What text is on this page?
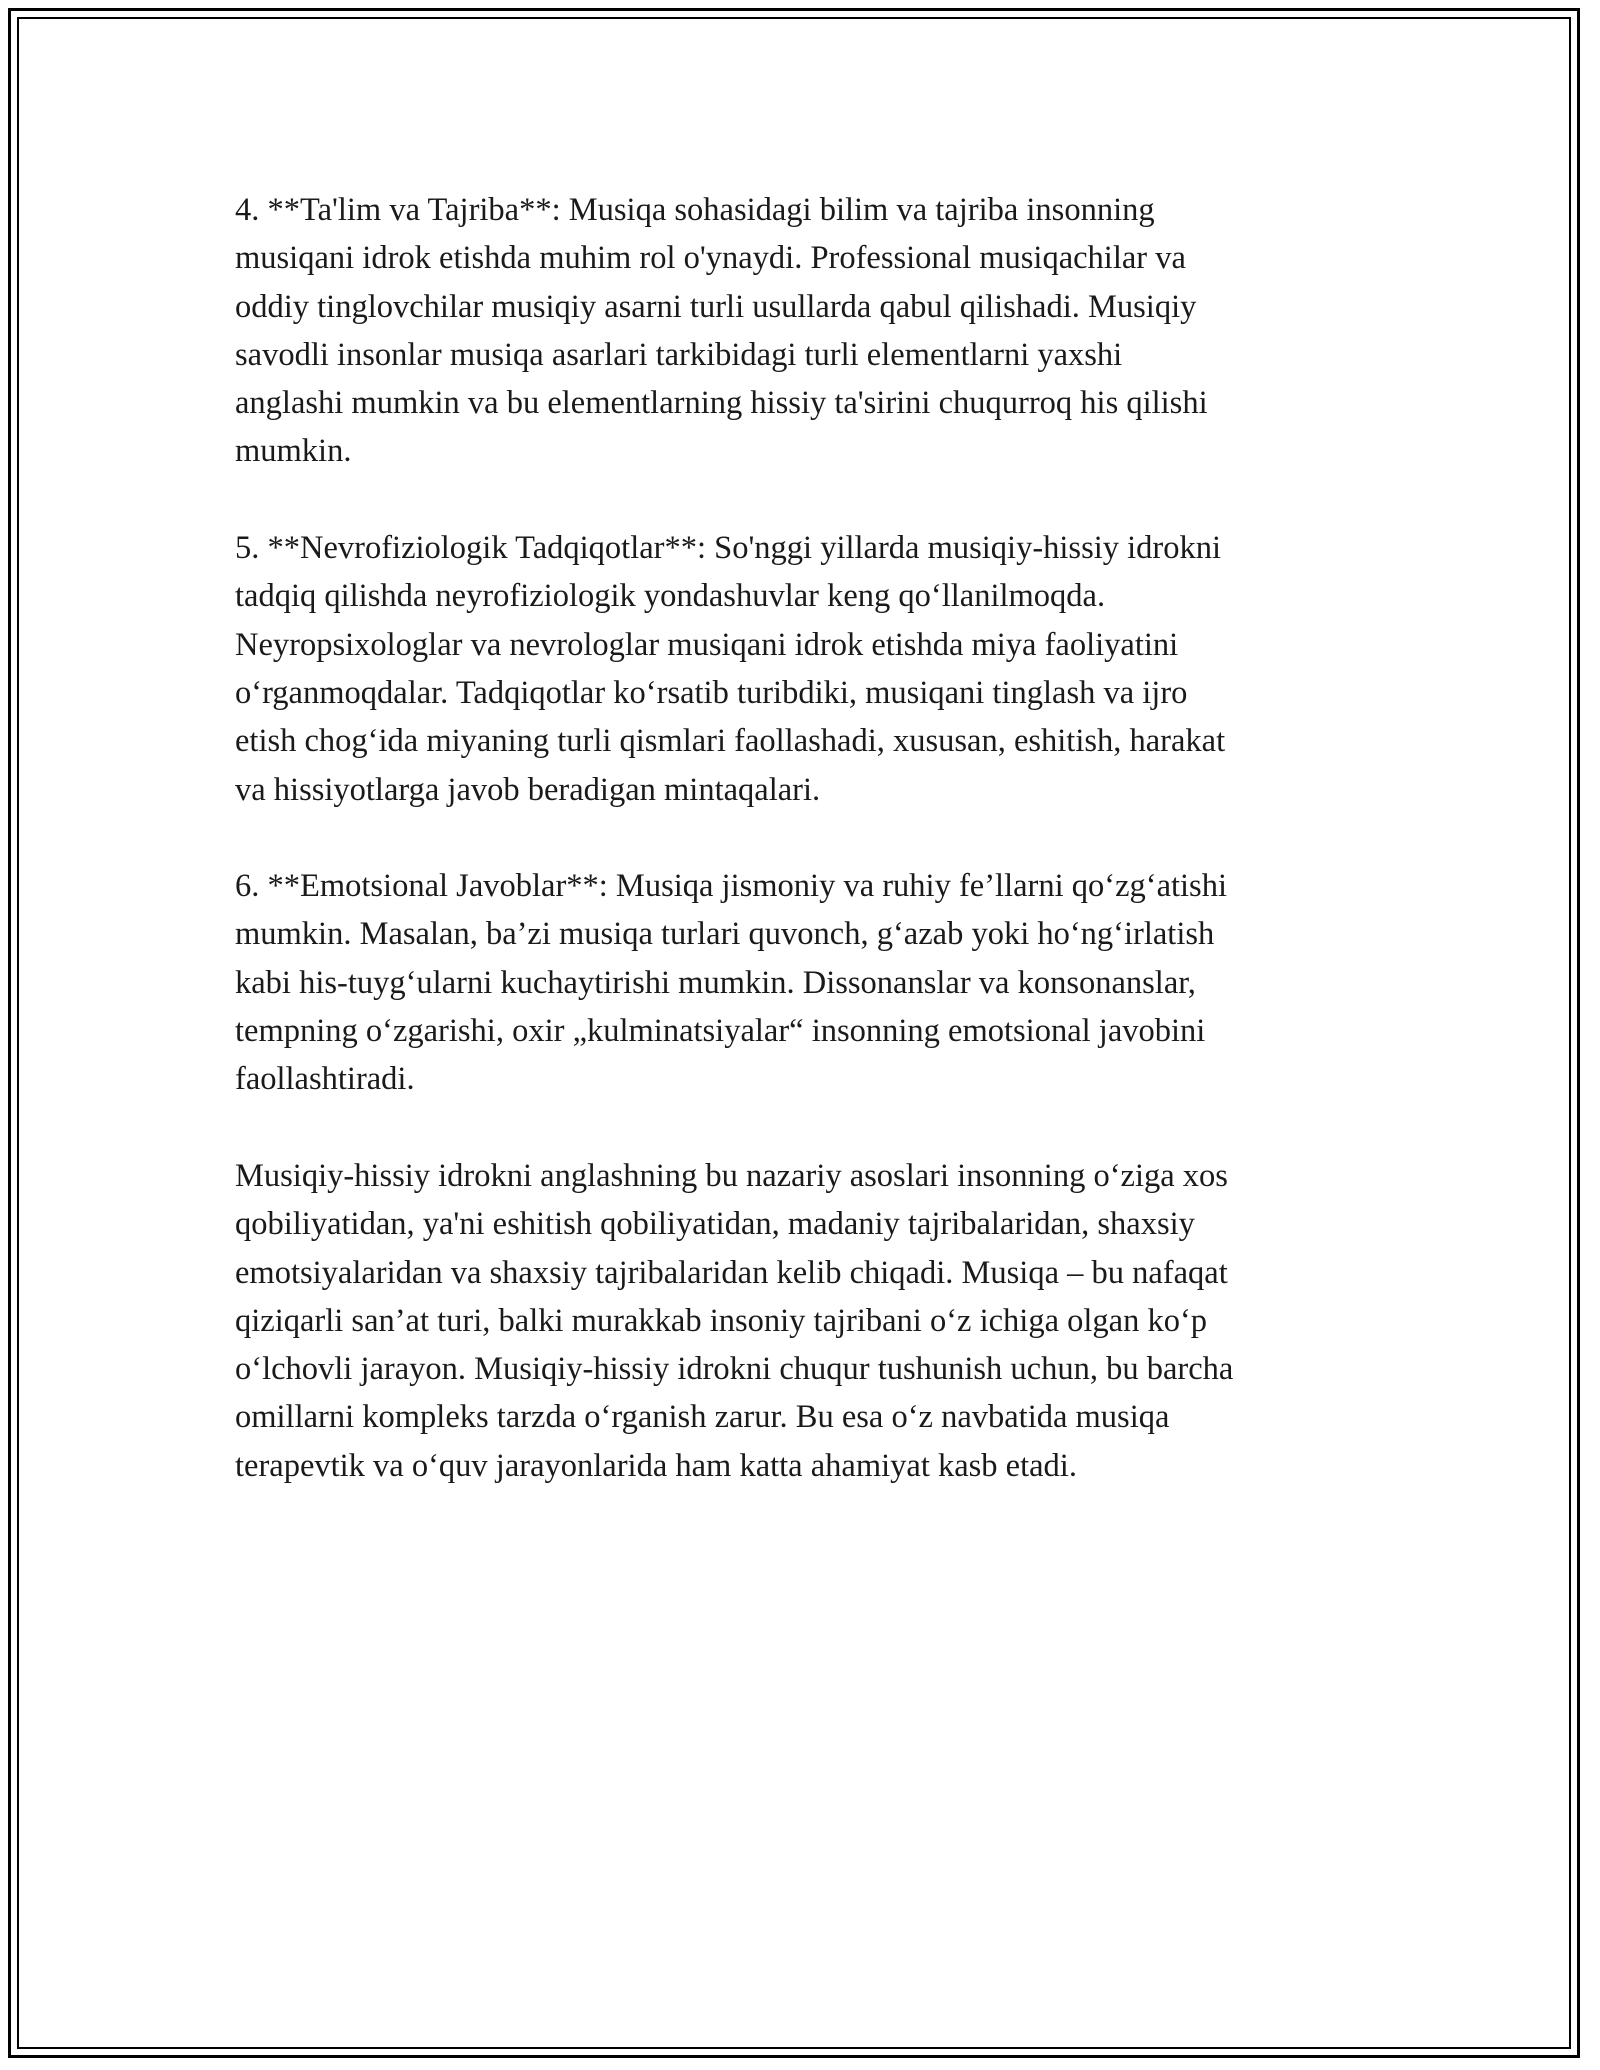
4. **Ta'lim va Tajriba**: Musiqa sohasidagi bilim va tajriba insonning
musiqani idrok etishda muhim rol o'ynaydi. Professional musiqachilar va
oddiy tinglovchilar musiqiy asarni turli usullarda qabul qilishadi. Musiqiy
savodli insonlar musiqa asarlari tarkibidagi turli elementlarni yaxshi
anglashi mumkin va bu elementlarning hissiy ta'sirini chuqurroq his qilishi
mumkin.

5. **Nevrofiziologik Tadqiqotlar**: So'nggi yillarda musiqiy-hissiy idrokni
tadqiq qilishda neyrofiziologik yondashuvlar keng qo‘llanilmoqda.
Neyropsixologlar va nevrologlar musiqani idrok etishda miya faoliyatini
o‘rganmoqdalar. Tadqiqotlar ko‘rsatib turibdiki, musiqani tinglash va ijro
etish chog‘ida miyaning turli qismlari faollashadi, xususan, eshitish, harakat
va hissiyotlarga javob beradigan mintaqalari.

6. **Emotsional Javoblar**: Musiqa jismoniy va ruhiy fe’llarni qo‘zg‘atishi
mumkin. Masalan, ba’zi musiqa turlari quvonch, g‘azab yoki ho‘ng‘irlatish
kabi his-tuyg‘ularni kuchaytirishi mumkin. Dissonanslar va konsonanslar,
tempning o‘zgarishi, oxir „kulminatsiyalar“ insonning emotsional javobini
faollashtiradi.

Musiqiy-hissiy idrokni anglashning bu nazariy asoslari insonning o‘ziga xos
qobiliyatidan, ya'ni eshitish qobiliyatidan, madaniy tajribalaridan, shaxsiy
emotsiyalaridan va shaxsiy tajribalaridan kelib chiqadi. Musiqa – bu nafaqat
qiziqarli san’at turi, balki murakkab insoniy tajribani o‘z ichiga olgan ko‘p
o‘lchovli jarayon. Musiqiy-hissiy idrokni chuqur tushunish uchun, bu barcha
omillarni kompleks tarzda o‘rganish zarur. Bu esa o‘z navbatida musiqa
terapevtik va o‘quv jarayonlarida ham katta ahamiyat kasb etadi.
